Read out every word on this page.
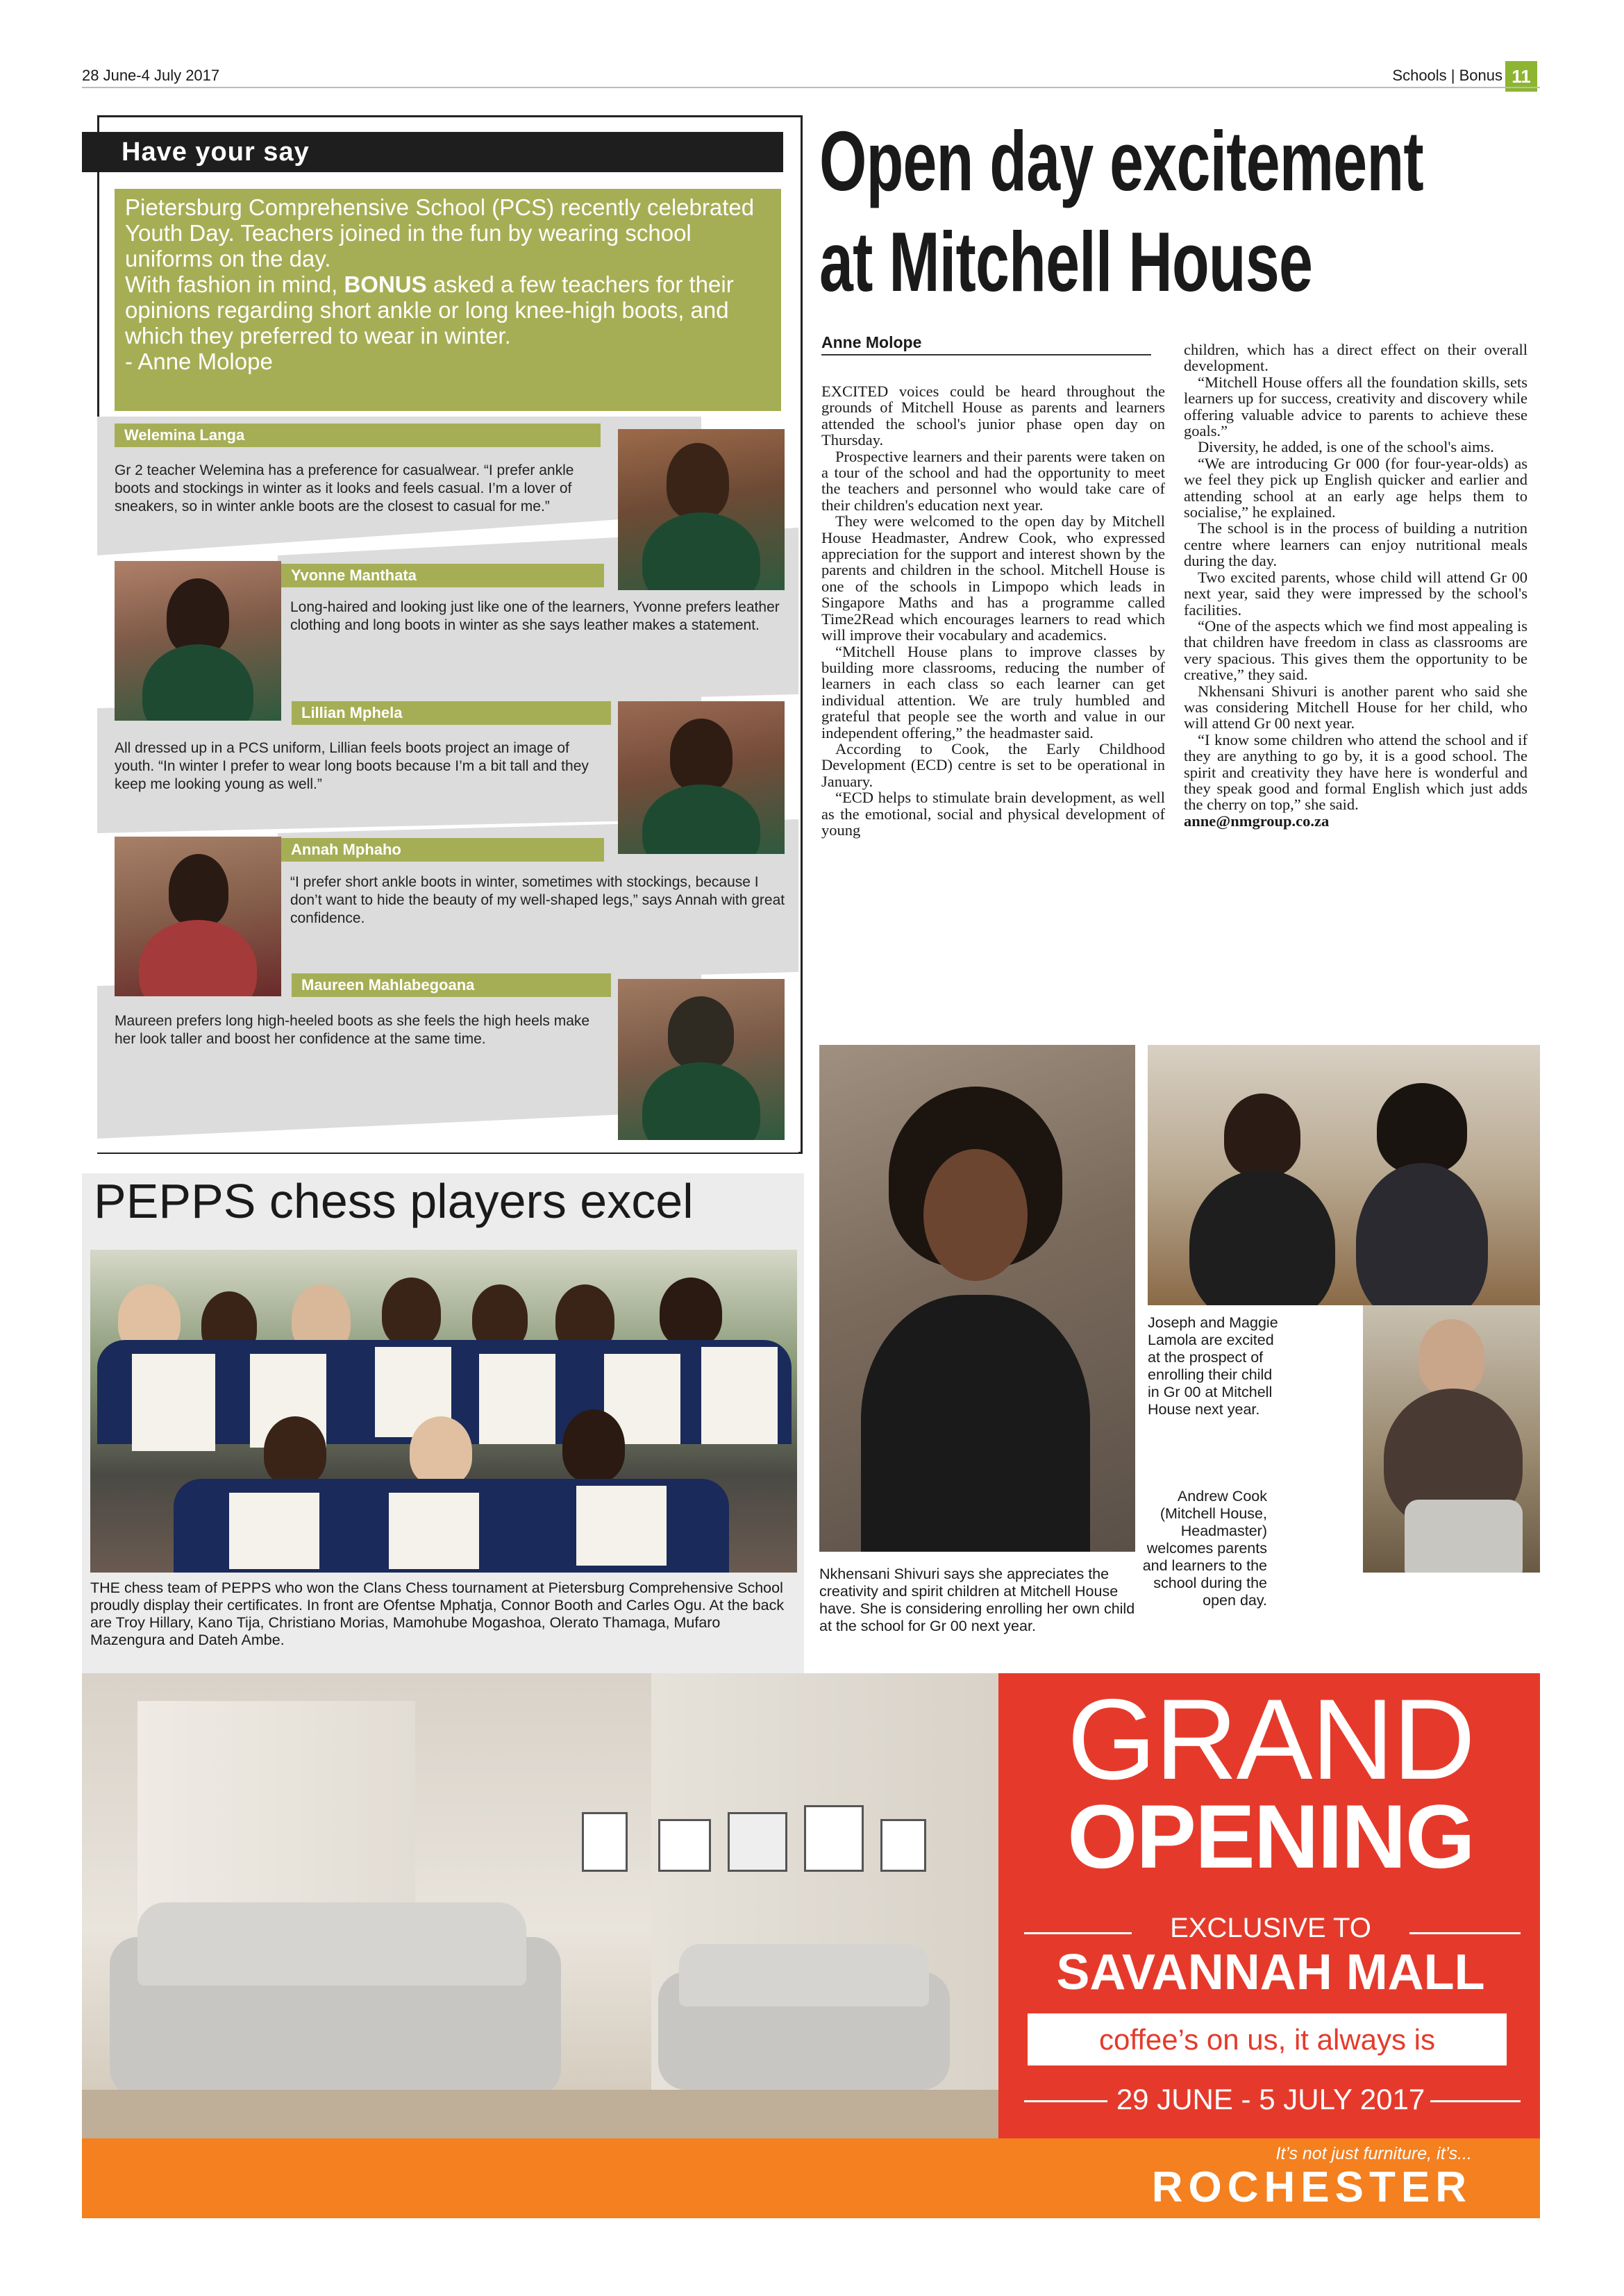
28 June-4 July 2017	Schools | Bonus 11
Have your say
Pietersburg Comprehensive School (PCS) recently celebrated Youth Day. Teachers joined in the fun by wearing school uniforms on the day.
With fashion in mind, BONUS asked a few teachers for their opinions regarding short ankle or long knee-high boots, and which they preferred to wear in winter.
- Anne Molope
Welemina Langa
Gr 2 teacher Welemina has a preference for casualwear. “I prefer ankle boots and stockings in winter as it looks and feels casual. I’m a lover of sneakers, so in winter ankle boots are the closest to casual for me.”
Yvonne Manthata
Long-haired and looking just like one of the learners, Yvonne prefers leather clothing and long boots in winter as she says leather makes a statement.
Lillian Mphela
All dressed up in a PCS uniform, Lillian feels boots project an image of youth. “In winter I prefer to wear long boots because I’m a bit tall and they keep me looking young as well.”
Annah Mphaho
“I prefer short ankle boots in winter, sometimes with stockings, because I don’t want to hide the beauty of my well-shaped legs,” says Annah with great confidence.
Maureen Mahlabegoana
Maureen prefers long high-heeled boots as she feels the high heels make her look taller and boost her confidence at the same time.
Open day excitement
at Mitchell House
Anne Molope

EXCITED voices could be heard throughout the grounds of Mitchell House as parents and learners attended the school's junior phase open day on Thursday.

Prospective learners and their parents were taken on a tour of the school and had the opportunity to meet the teachers and personnel who would take care of their children's education next year.

They were welcomed to the open day by Mitchell House Headmaster, Andrew Cook, who expressed appreciation for the support and interest shown by the parents and children in the school. Mitchell House is one of the schools in Limpopo which leads in Singapore Maths and has a programme called Time2Read which encourages learners to read which will improve their vocabulary and academics.

“Mitchell House plans to improve classes by building more classrooms, reducing the number of learners in each class so each learner can get individual attention. We are truly humbled and grateful that people see the worth and value in our independent offering,” the headmaster said.

According to Cook, the Early Childhood Development (ECD) centre is set to be operational in January.

“ECD helps to stimulate brain development, as well as the emotional, social and physical development of young

children, which has a direct effect on their overall development.

“Mitchell House offers all the foundation skills, sets learners up for success, creativity and discovery while offering valuable advice to parents to achieve these goals.”

Diversity, he added, is one of the school's aims.

“We are introducing Gr 000 (for four-year-olds) as we feel they pick up English quicker and earlier and attending school at an early age helps them to socialise,” he explained.

The school is in the process of building a nutrition centre where learners can enjoy nutritional meals during the day.

Two excited parents, whose child will attend Gr 00 next year, said they were impressed by the school's facilities.

“One of the aspects which we find most appealing is that children have freedom in class as classrooms are very spacious. This gives them the opportunity to be creative,” they said.

Nkhensani Shivuri is another parent who said she was considering Mitchell House for her child, who will attend Gr 00 next year.

“I know some children who attend the school and if they are anything to go by, it is a good school. The spirit and creativity they have here is wonderful and they speak good and formal English which just adds the cherry on top,” she said.

anne@nmgroup.co.za

Nkhensani Shivuri says she appreciates the creativity and spirit children at Mitchell House have. She is considering enrolling her own child at the school for Gr 00 next year.
Joseph and Maggie Lamola are excited at the prospect of enrolling their child in Gr 00 at Mitchell House next year.
Andrew Cook (Mitchell House, Headmaster) welcomes parents and learners to the school during the open day.
PEPPS chess players excel
THE chess team of PEPPS who won the Clans Chess tournament at Pietersburg Comprehensive School proudly display their certificates. In front are Ofentse Mphatja, Connor Booth and Carles Ogu. At the back are Troy Hillary, Kano Tija, Christiano Morias, Mamohube Mogashoa, Olerato Thamaga, Mufaro Mazengura and Dateh Ambe.
GRAND
OPENING
EXCLUSIVE TO
SAVANNAH MALL
coffee’s on us, it always is
29 JUNE - 5 JULY 2017
It’s not just furniture, it’s...
ROCHESTER
